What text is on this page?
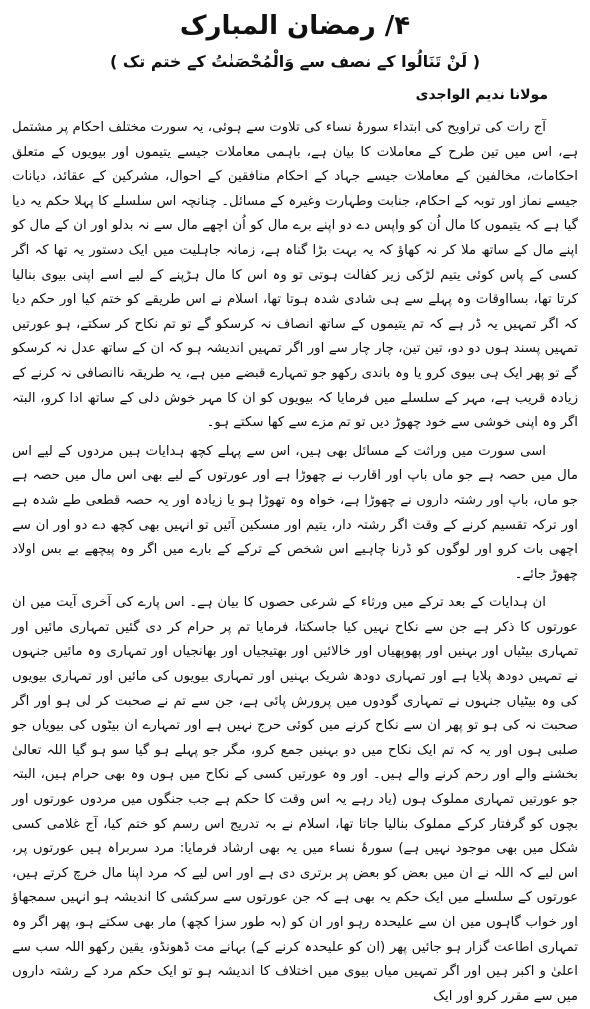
۴/ رمضان المبارک
( لَنْ تَنَالُوا کے نصف سے وَالْمُحْصَنٰتُ کے ختم تک )
مولانا ندیم الواجدی

آج رات کی تراویح کی ابتداء سورۂ نساء کی تلاوت سے ہوئی، یہ سورت مختلف احکام پر مشتمل ہے، اس میں تین طرح کے معاملات کا بیان ہے، باہمی معاملات جیسے یتیموں اور بیویوں کے متعلق احکامات، مخالفین کے معاملات جیسے جہاد کے احکام منافقین کے احوال، مشرکین کے عقائد، دیانات جیسے نماز اور توبہ کے احکام، جنابت وطہارت وغیرہ کے مسائل۔ چنانچہ اس سلسلے کا پہلا حکم یہ دیا گیا ہے کہ یتیموں کا مال اُن کو واپس دے دو اپنے برے مال کو اُن اچھے مال سے نہ بدلو اور ان کے مال کو اپنے مال کے ساتھ ملا کر نہ کھاؤ کہ یہ بہت بڑا گناہ ہے، زمانہ جاہلیت میں ایک دستور یہ تھا کہ اگر کسی کے پاس کوئی یتیم لڑکی زیر کفالت ہوتی تو وہ اس کا مال ہڑپنے کے لیے اسے اپنی بیوی بنالیا کرتا تھا، بسااوقات وہ پہلے سے ہی شادی شدہ ہوتا تھا، اسلام نے اس طریقے کو ختم کیا اور حکم دیا کہ اگر تمہیں یہ ڈر ہے کہ تم یتیموں کے ساتھ انصاف نہ کرسکو گے تو تم نکاح کر سکتے، ہو عورتیں تمہیں پسند ہوں دو دو، تین تین، چار چار سے اور اگر تمہیں اندیشہ ہو کہ ان کے ساتھ عدل نہ کرسکو گے تو پھر ایک ہی بیوی کرو یا وہ باندی رکھو جو تمہارے قبضے میں ہے، یہ طریقہ ناانصافی نہ کرنے کے زیادہ قریب ہے، مہر کے سلسلے میں فرمایا کہ بیویوں کو ان کا مہر خوش دلی کے ساتھ ادا کرو، البتہ اگر وہ اپنی خوشی سے خود چھوڑ دیں تو تم مزے سے کھا سکتے ہو۔

اسی سورت میں وراثت کے مسائل بھی ہیں، اس سے پہلے کچھ ہدایات ہیں مردوں کے لیے اس مال میں حصہ ہے جو ماں باپ اور اقارب نے چھوڑا ہے اور عورتوں کے لیے بھی اس مال میں حصہ ہے جو ماں، باپ اور رشتہ داروں نے چھوڑا ہے، خواہ وہ تھوڑا ہو یا زیادہ اور یہ حصہ قطعی طے شدہ ہے اور ترکہ تقسیم کرنے کے وقت اگر رشتہ دار، یتیم اور مسکین آئیں تو انہیں بھی کچھ دے دو اور ان سے اچھی بات کرو اور لوگوں کو ڈرنا چاہیے اس شخص کے ترکے کے بارے میں اگر وہ پیچھے بے بس اولاد چھوڑ جائے۔

ان ہدایات کے بعد ترکے میں ورثاء کے شرعی حصوں کا بیان ہے۔ اس پارے کی آخری آیت میں ان عورتوں کا ذکر ہے جن سے نکاح نہیں کیا جاسکتا، فرمایا تم پر حرام کر دی گئیں تمہاری مائیں اور تمہاری بیٹیاں اور بہنیں اور پھوپھیاں اور خالائیں اور بھتیجیاں اور بھانجیاں اور تمہاری وہ مائیں جنہوں نے تمہیں دودھ پلایا ہے اور تمہاری دودھ شریک بہنیں اور تمہاری بیویوں کی مائیں اور تمہاری بیویوں کی وہ بیٹیاں جنہوں نے تمہاری گودوں میں پرورش پائی ہے، جن سے تم نے صحبت کر لی ہو اور اگر صحبت نہ کی ہو تو پھر ان سے نکاح کرنے میں کوئی حرج نہیں ہے اور تمہارے ان بیٹوں کی بیویاں جو صلبی ہوں اور یہ کہ تم ایک نکاح میں دو بہنیں جمع کرو، مگر جو پہلے ہو گیا سو ہو گیا اللہ تعالیٰ بخشنے والے اور رحم کرنے والے ہیں۔ اور وہ عورتیں کسی کے نکاح میں ہوں وہ بھی حرام ہیں، البتہ جو عورتیں تمہاری مملوک ہوں (یاد رہے یہ اس وقت کا حکم ہے جب جنگوں میں مردوں عورتوں اور بچوں کو گرفتار کرکے مملوک بنالیا جاتا تھا، اسلام نے بہ تدریج اس رسم کو ختم کیا، آج غلامی کسی شکل میں بھی موجود نہیں ہے) سورۂ نساء میں یہ بھی ارشاد فرمایا: مرد سربراہ ہیں عورتوں پر، اس لیے کہ اللہ نے ان میں بعض کو بعض پر برتری دی ہے اور اس لیے کہ مرد اپنا مال خرچ کرتے ہیں، عورتوں کے سلسلے میں ایک حکم یہ بھی ہے کہ جن عورتوں سے سرکشی کا اندیشہ ہو انہیں سمجھاؤ اور خواب گاہوں میں ان سے علیحدہ رہو اور ان کو (بہ طور سزا کچھ) مار بھی سکتے ہو، پھر اگر وہ تمہاری اطاعت گزار ہو جائیں پھر (ان کو علیحدہ کرنے کے) بہانے مت ڈھونڈو، یقین رکھو اللہ سب سے اعلیٰ و اکبر ہیں اور اگر تمہیں میاں بیوی میں اختلاف کا اندیشہ ہو تو ایک حکم مرد کے رشتہ داروں میں سے مقرر کرو اور ایک
